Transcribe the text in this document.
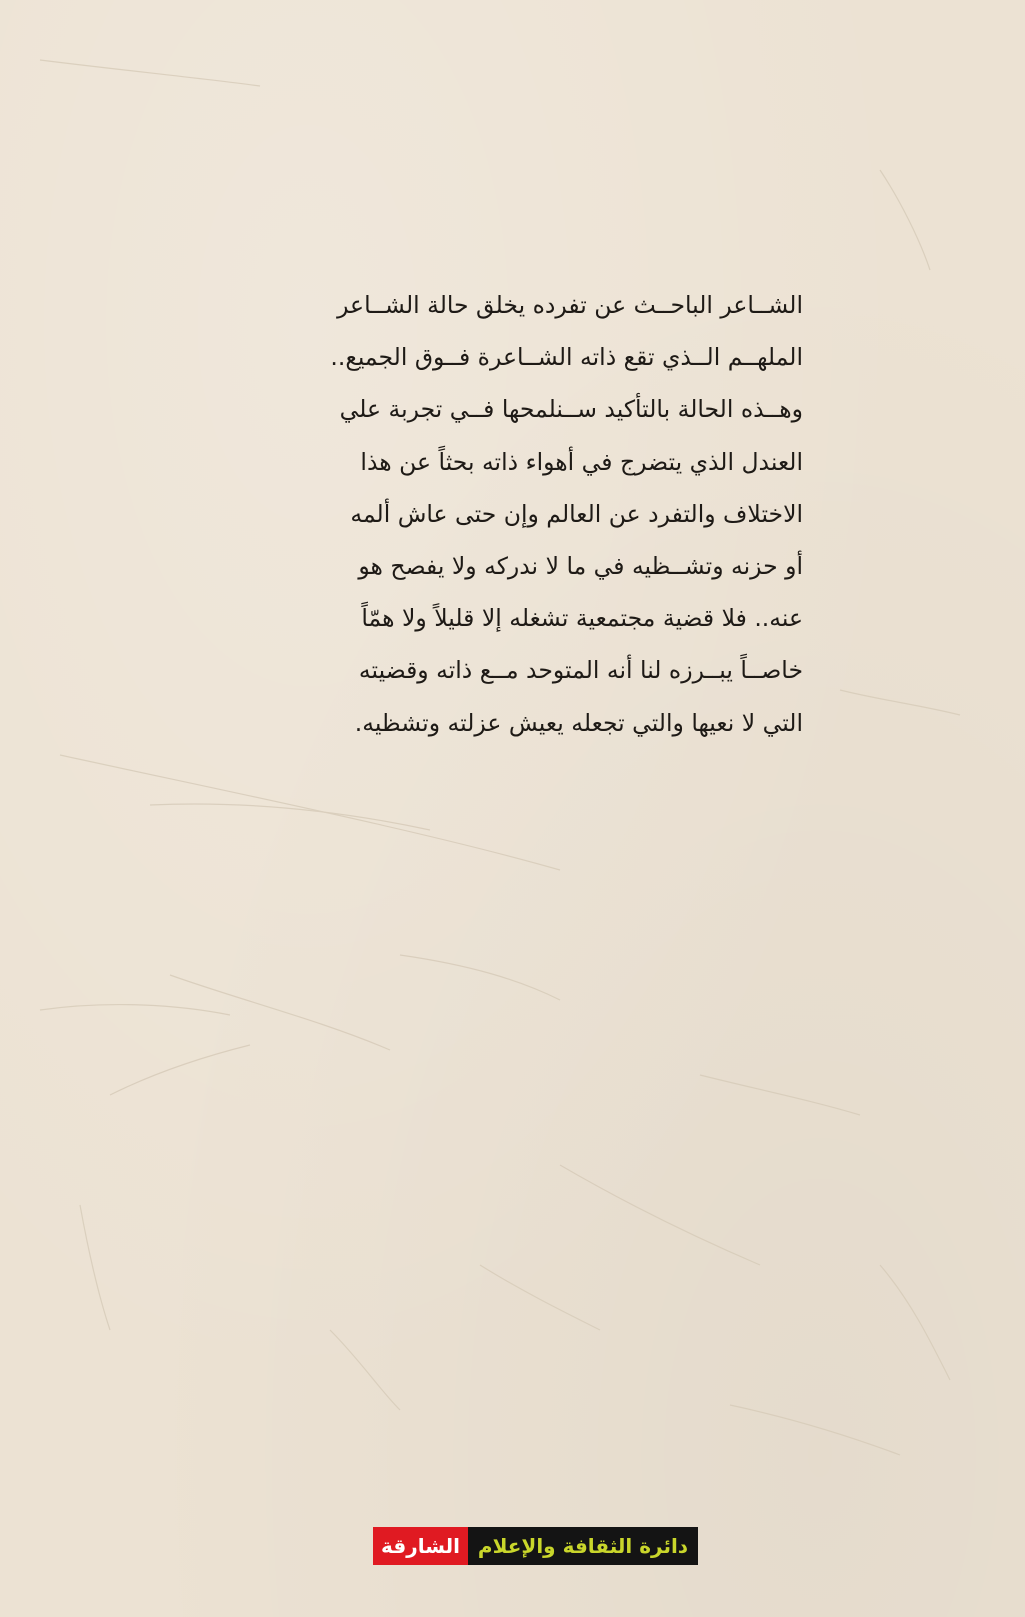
الشــاعر الباحــث عن تفرده يخلق حالة الشــاعر
الملهــم الــذي تقع ذاته الشــاعرة فــوق الجميع..
وهــذه الحالة بالتأكيد ســنلمحها فــي تجربة علي
العندل الذي يتضرج في أهواء ذاته بحثاً عن هذا
الاختلاف والتفرد عن العالم وإن حتى عاش ألمه
أو حزنه وتشــظيه في ما لا ندركه ولا يفصح هو
عنه.. فلا قضية مجتمعية تشغله إلا قليلاً ولا همّاً
خاصــاً يبــرزه لنا أنه المتوحد مــع ذاته وقضيته
التي لا نعيها والتي تجعله يعيش عزلته وتشظيه.
الشارقة دائرة الثقافة والإعلام
